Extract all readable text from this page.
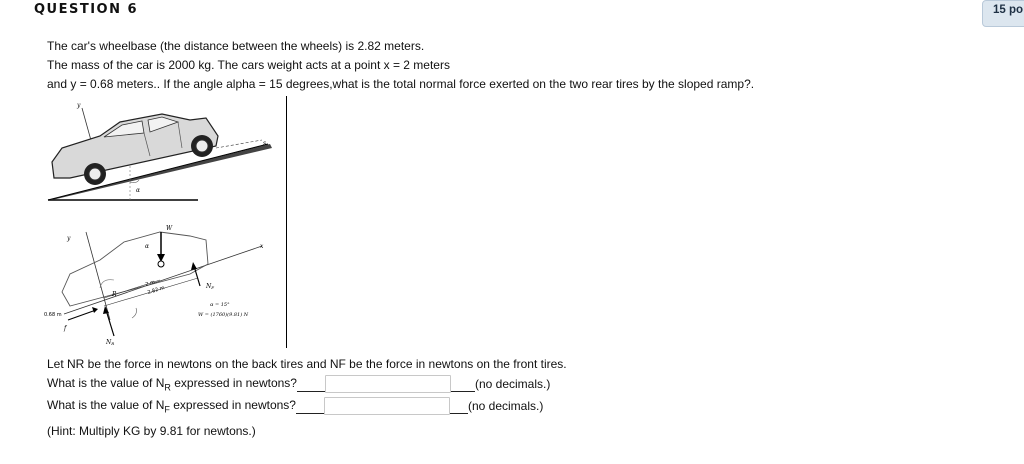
QUESTION 6	15 po

The car's wheelbase (the distance between the wheels) is 2.82 meters.

The mass of the car is 2000 kg. The cars weight acts at a point x = 2 meters

and y = 0.68 meters.. If the angle alpha = 15 degrees,what is the total normal force exerted on the two rear tires by the sloped ramp?.

y
α
s
y
x
W
α
2 m
2.82 m
0.68 m
R
NF
NR
f
α = 15°
W = (1760)(9.81) N
Let NR be the force in newtons on the back tires and NF be the force in newtons on the front tires.
What is the value of $N_R$ expressed in newtons?	(no decimals.)
What is the value of $N_F$ expressed in newtons?	(no decimals.)
(Hint: Multiply KG by 9.81 for newtons.)
